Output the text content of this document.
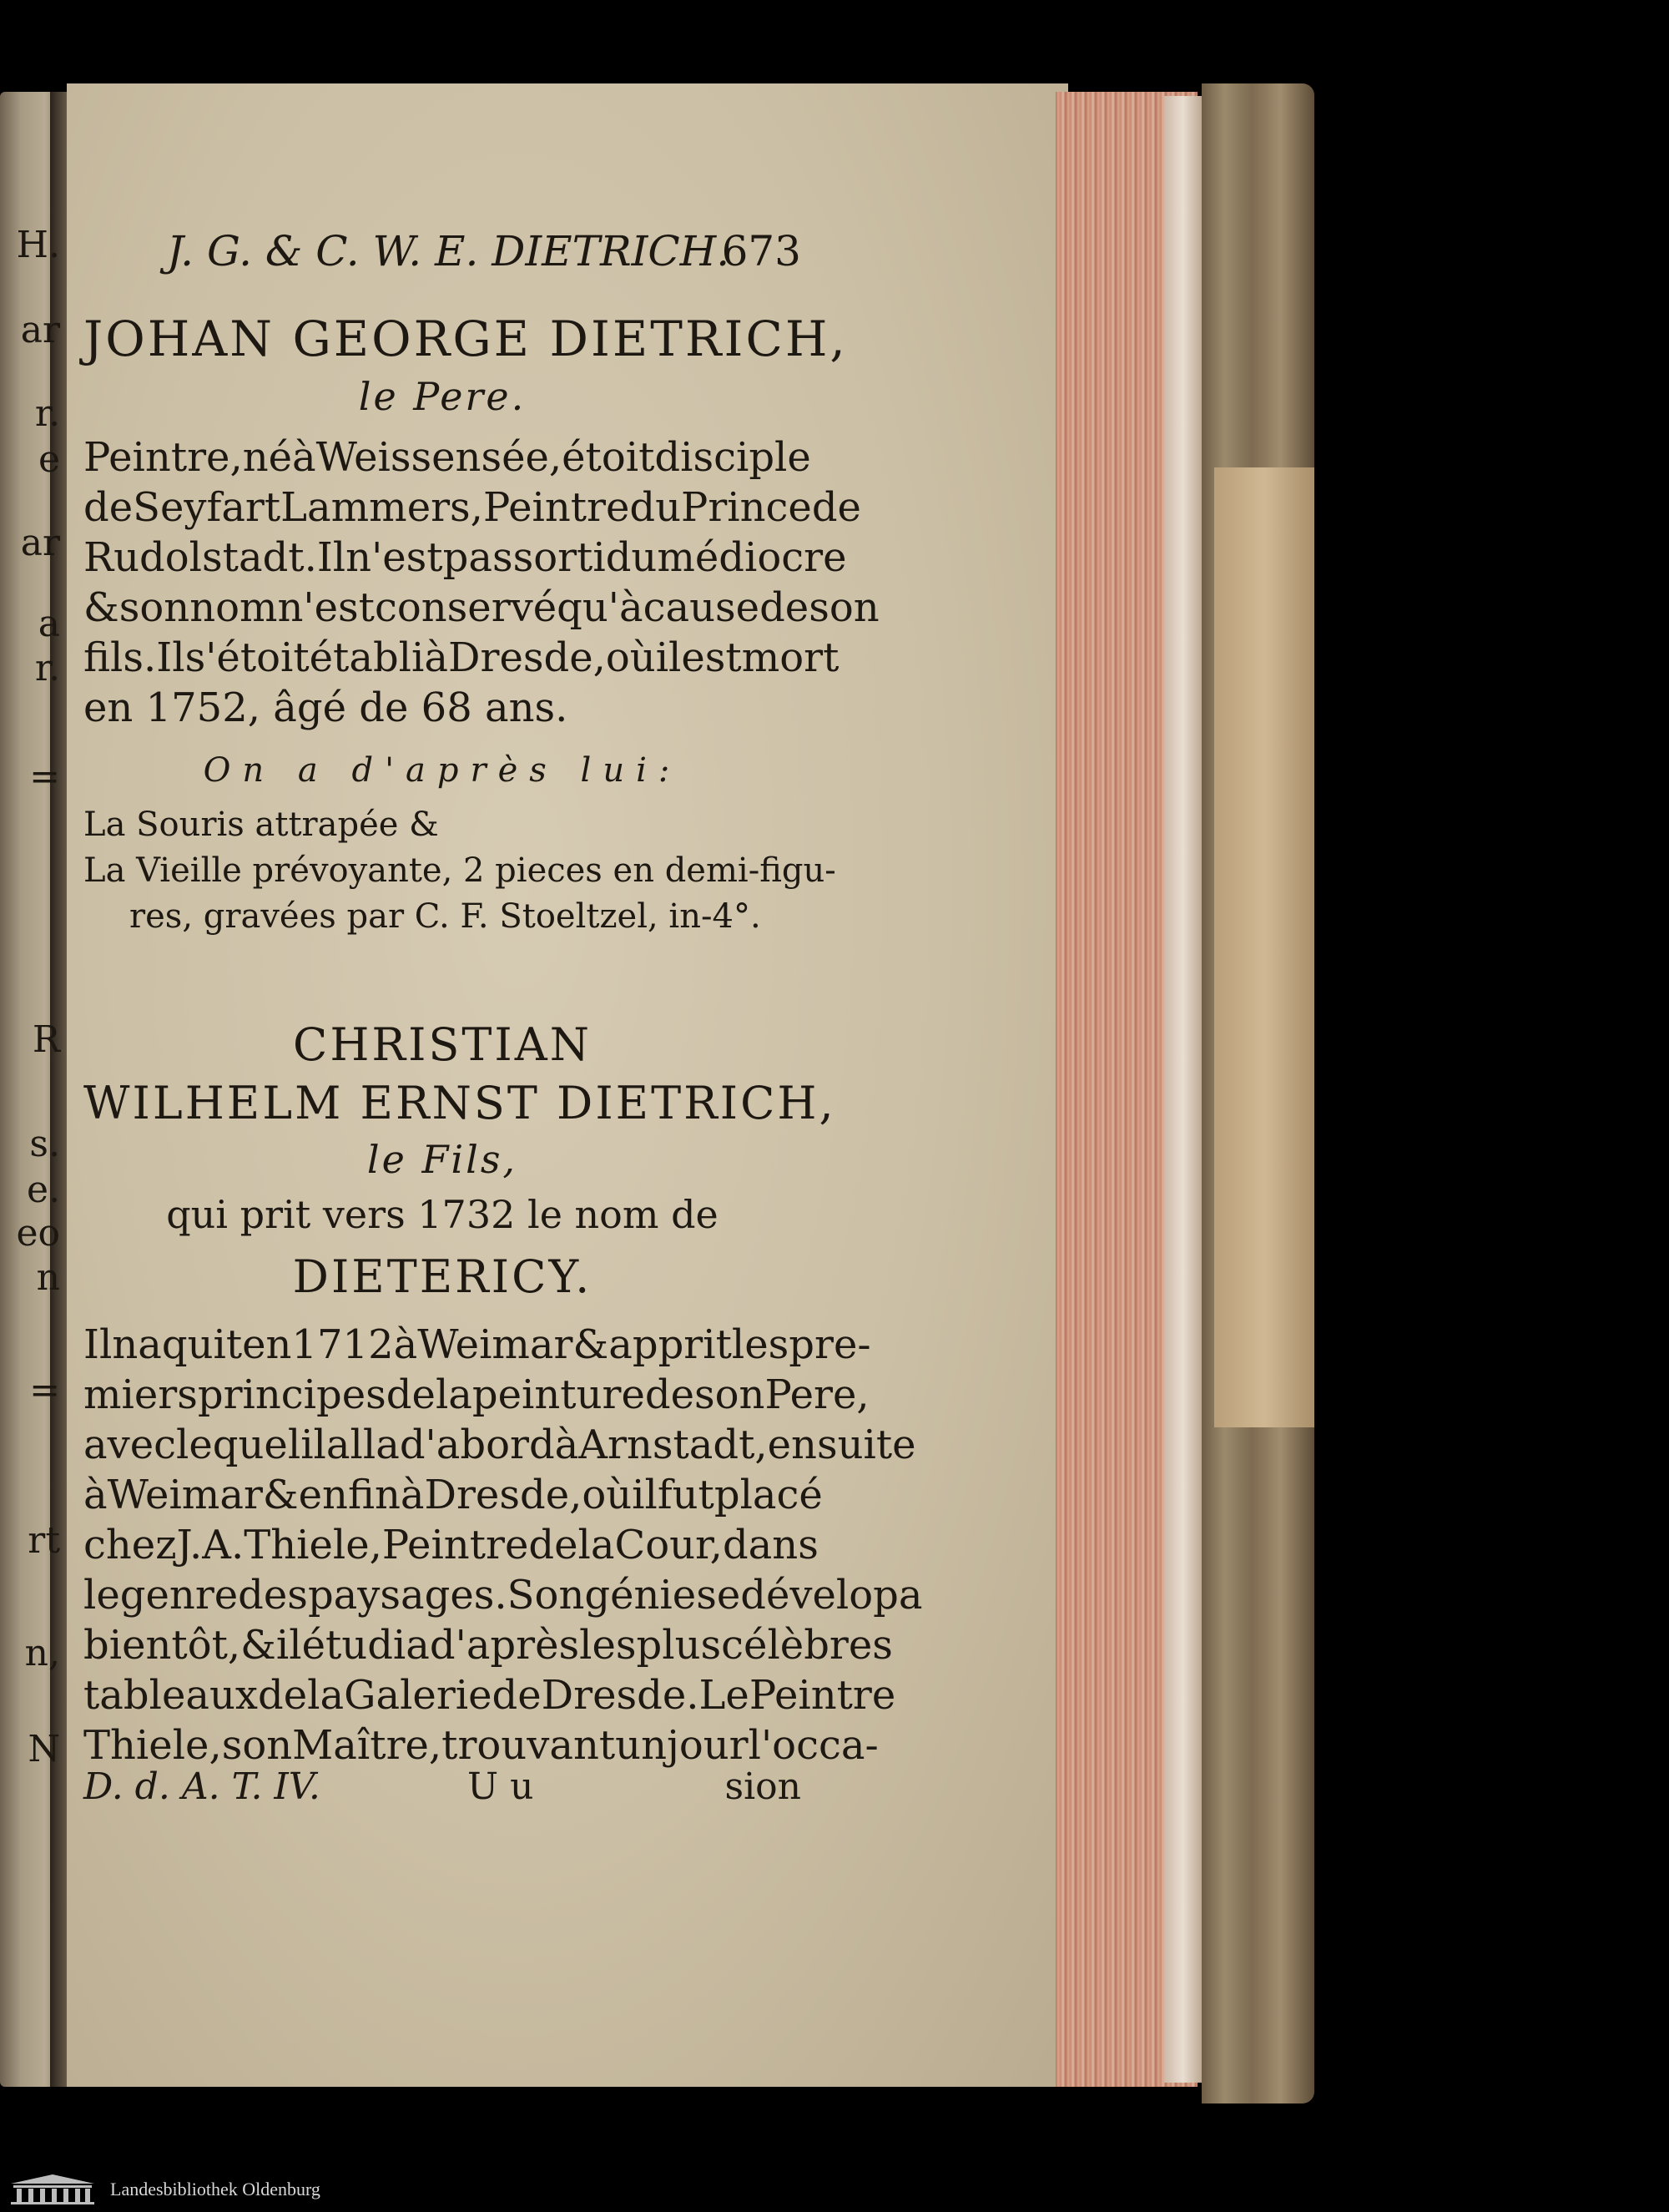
H.
ar
r.
e
ar
a
r.
=
R
s.
e.
eo
n
=
rt
n,
N
J. G. & C. W. E. DIETRICH.
673
JOHAN GEORGE DIETRICH,
le Pere.
Peintre, né à Weissensée, étoit disciple
de Seyfart Lammers, Peintre du Prince de
Rudolstadt. Il n'est pas sorti du médiocre
& son nom n'est conservé qu'à cause de son
fils. Il s'étoit établi à Dresde, où il est mort
en 1752, âgé de 68 ans.
On a d'après lui:
La Souris attrapée &
La Vieille prévoyante, 2 pieces en demi-figu-
res, gravées par C. F. Stoeltzel, in-4°.
CHRISTIAN
WILHELM ERNST DIETRICH,
le Fils,
qui prit vers 1732 le nom de
DIETERICY.
Il naquit en 1712 à Weimar & apprit les pre-
miers principes de la peinture de son Pere,
avec lequel il alla d'abord à Arnstadt, ensuite
à Weimar & enfin à Dresde, où il fut placé
chez J. A. Thiele, Peintre de la Cour, dans
le genre des paysages. Son génie se dévelopa
bientôt, & il étudia d'après les plus célèbres
tableaux de la Galerie de Dresde. Le Peintre
Thiele, son Maître, trouvant un jour l'occa-
D. d. A. T. IV.	U u	sion
Landesbibliothek Oldenburg
